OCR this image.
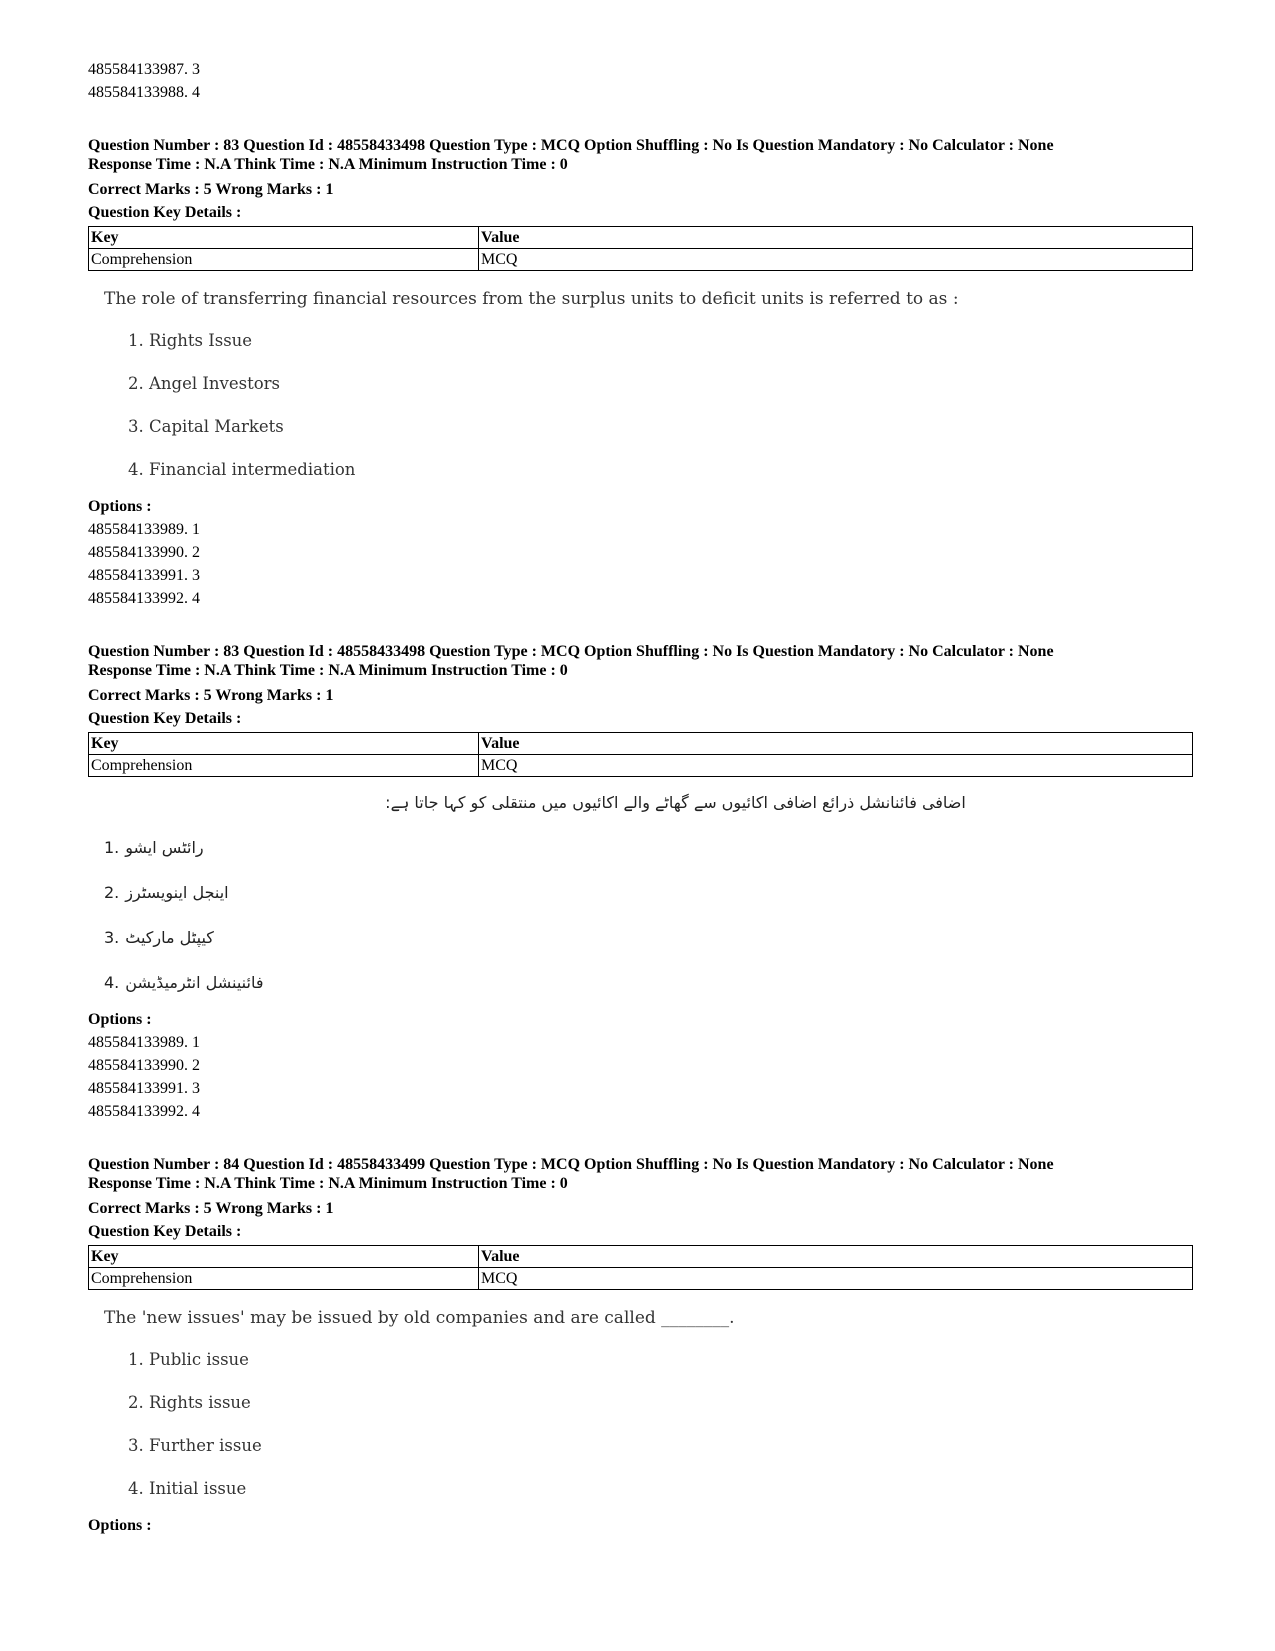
485584133987. 3
485584133988. 4
Question Number : 83 Question Id : 48558433498 Question Type : MCQ Option Shuffling : No Is Question Mandatory : No Calculator : None
Response Time : N.A Think Time : N.A Minimum Instruction Time : 0
Correct Marks : 5 Wrong Marks : 1
Question Key Details :
Key	Value
Comprehension	MCQ
The role of transferring financial resources from the surplus units to deficit units is referred to as :
1. Rights Issue
2. Angel Investors
3. Capital Markets
4. Financial intermediation
Options :
485584133989. 1
485584133990. 2
485584133991. 3
485584133992. 4
Question Number : 83 Question Id : 48558433498 Question Type : MCQ Option Shuffling : No Is Question Mandatory : No Calculator : None
Response Time : N.A Think Time : N.A Minimum Instruction Time : 0
Correct Marks : 5 Wrong Marks : 1
Question Key Details :
Key	Value
Comprehension	MCQ
اضافی فائنانشل ذرائع اضافی اکائیوں سے گھاٹے والے اکائیوں میں منتقلی کو کہا جاتا ہے:
1. رائٹس ایشو
2. اینجل اینویسٹرز
3. کیپٹل مارکیٹ
4. فائنینشل انٹرمیڈیشن
Options :
485584133989. 1
485584133990. 2
485584133991. 3
485584133992. 4
Question Number : 84 Question Id : 48558433499 Question Type : MCQ Option Shuffling : No Is Question Mandatory : No Calculator : None
Response Time : N.A Think Time : N.A Minimum Instruction Time : 0
Correct Marks : 5 Wrong Marks : 1
Question Key Details :
Key	Value
Comprehension	MCQ
The 'new issues' may be issued by old companies and are called ________.
1. Public issue
2. Rights issue
3. Further issue
4. Initial issue
Options :
